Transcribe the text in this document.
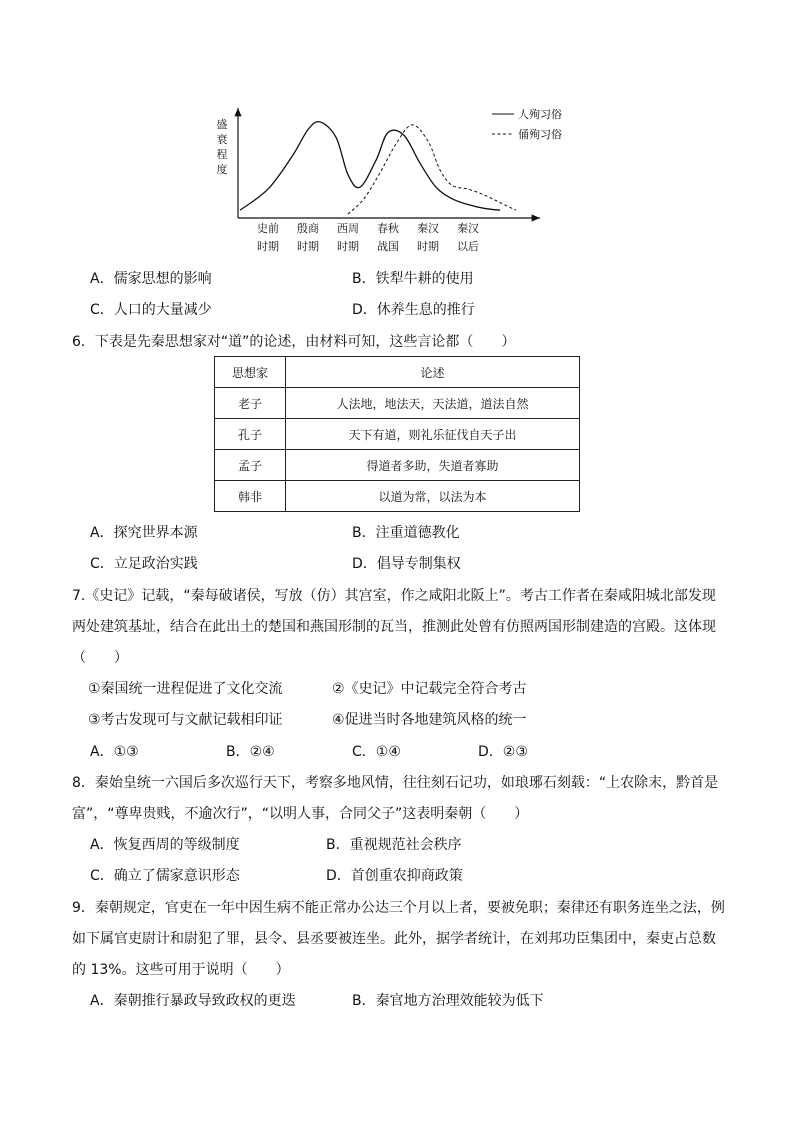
盛
衰
程
度
史前
时期
殷商
时期
西周
时期
春秋
战国
秦汉
时期
秦汉
以后
人殉习俗
俑殉习俗
A．儒家思想的影响	B．铁犁牛耕的使用
C．人口的大量减少	D．休养生息的推行
6．下表是先秦思想家对“道”的论述，由材料可知，这些言论都（　　）
思想家	论述
老子	人法地，地法天，天法道，道法自然
孔子	天下有道，则礼乐征伐自天子出
孟子	得道者多助，失道者寡助
韩非	以道为常，以法为本
A．探究世界本源	B．注重道德教化
C．立足政治实践	D．倡导专制集权
7.《史记》记载，“秦每破诸侯，写放（仿）其宫室，作之咸阳北阪上”。考古工作者在秦咸阳城北部发现
两处建筑基址，结合在此出土的楚国和燕国形制的瓦当，推测此处曾有仿照两国形制建造的宫殿。这体现
（　　）
①秦国统一进程促进了文化交流	②《史记》中记载完全符合考古
③考古发现可与文献记载相印证	④促进当时各地建筑风格的统一
A．①③	B．②④	C．①④	D．②③
8．秦始皇统一六国后多次巡行天下，考察多地风情，往往刻石记功，如琅琊石刻载：“上农除末，黔首是
富”，“尊卑贵贱，不逾次行”，“以明人事，合同父子”这表明秦朝（　　）
A．恢复西周的等级制度	B．重视规范社会秩序
C．确立了儒家意识形态	D．首创重农抑商政策
9．秦朝规定，官吏在一年中因生病不能正常办公达三个月以上者，要被免职；秦律还有职务连坐之法，例
如下属官吏尉计和尉犯了罪，县令、县丞要被连坐。此外，据学者统计，在刘邦功臣集团中，秦吏占总数
的 13%。这些可用于说明（　　）
A．秦朝推行暴政导致政权的更迭	B．秦官地方治理效能较为低下
